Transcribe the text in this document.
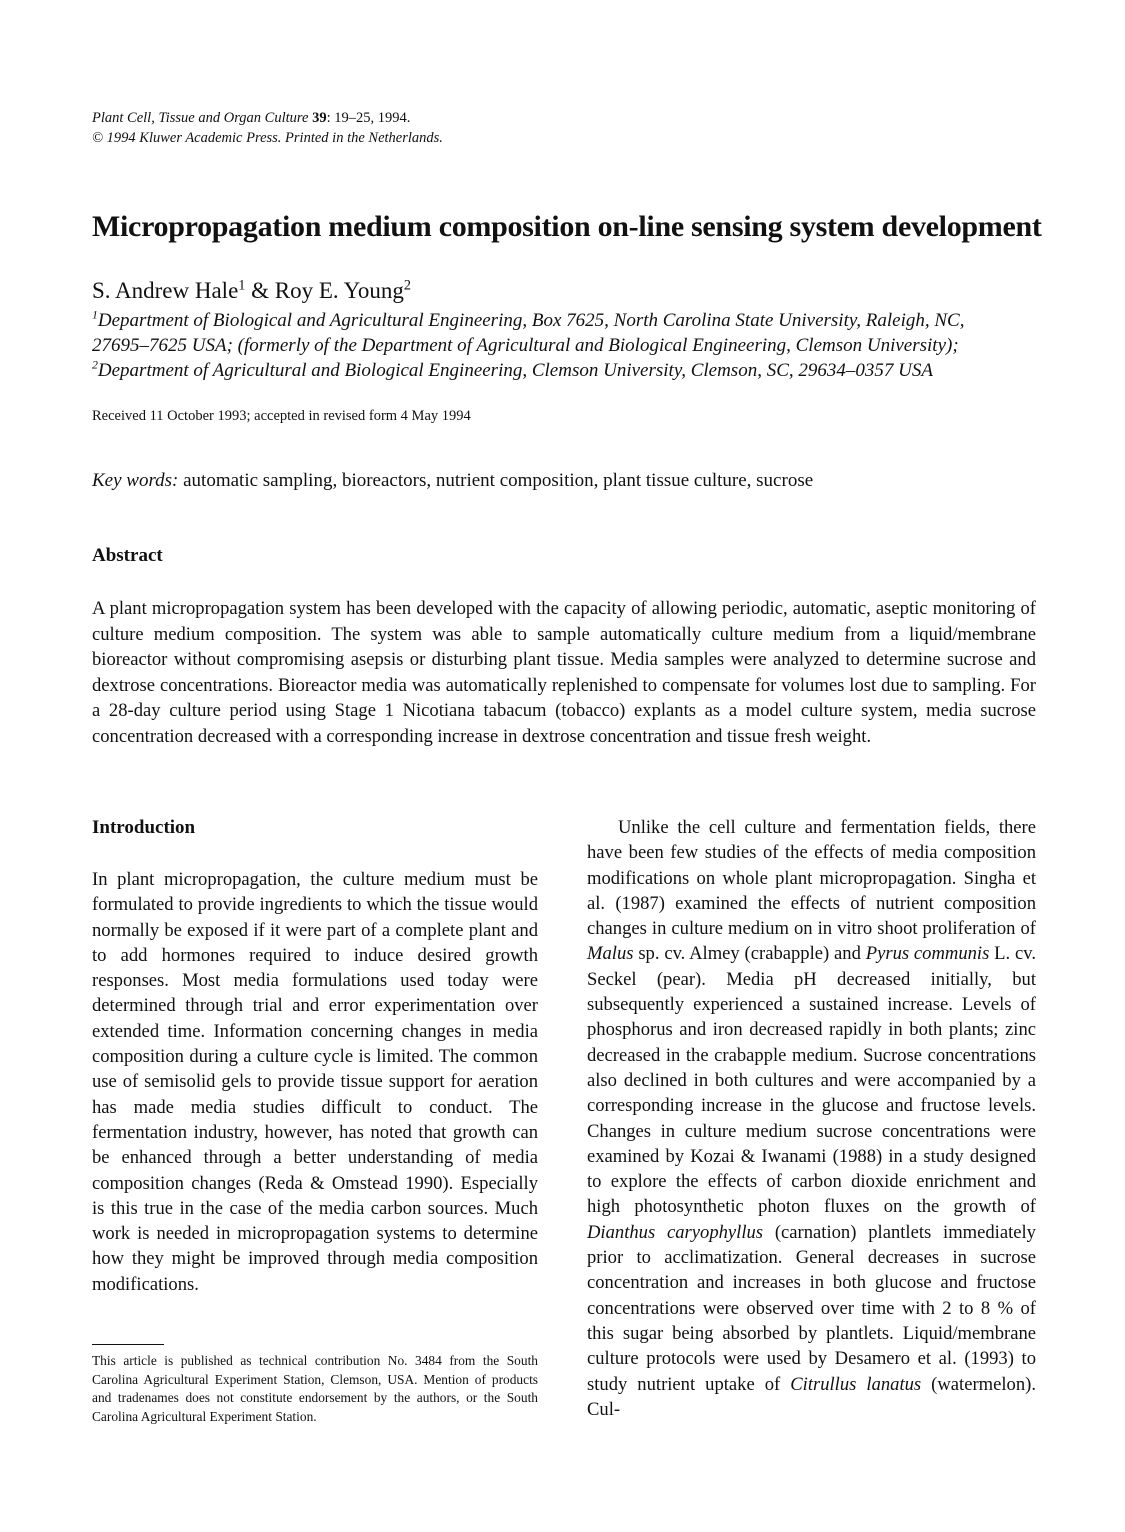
Plant Cell, Tissue and Organ Culture 39: 19–25, 1994.
© 1994 Kluwer Academic Press. Printed in the Netherlands.
Micropropagation medium composition on-line sensing system development
S. Andrew Hale$^1$ & Roy E. Young$^2$
$^1$Department of Biological and Agricultural Engineering, Box 7625, North Carolina State University, Raleigh, NC,
27695–7625 USA; (formerly of the Department of Agricultural and Biological Engineering, Clemson University);
$^2$Department of Agricultural and Biological Engineering, Clemson University, Clemson, SC, 29634–0357 USA
Received 11 October 1993; accepted in revised form 4 May 1994
Key words: automatic sampling, bioreactors, nutrient composition, plant tissue culture, sucrose
Abstract
A plant micropropagation system has been developed with the capacity of allowing periodic, automatic, aseptic monitoring of culture medium composition. The system was able to sample automatically culture medium from a liquid/membrane bioreactor without compromising asepsis or disturbing plant tissue. Media samples were analyzed to determine sucrose and dextrose concentrations. Bioreactor media was automatically replenished to compensate for volumes lost due to sampling. For a 28-day culture period using Stage 1 Nicotiana tabacum (tobacco) explants as a model culture system, media sucrose concentration decreased with a corresponding increase in dextrose concentration and tissue fresh weight.
Introduction

In plant micropropagation, the culture medium must be formulated to provide ingredients to which the tissue would normally be exposed if it were part of a complete plant and to add hormones required to induce desired growth responses. Most media formulations used today were determined through trial and error experimentation over extended time. Information concerning changes in media composition during a culture cycle is limited. The common use of semisolid gels to provide tissue support for aeration has made media studies difficult to conduct. The fermentation industry, however, has noted that growth can be enhanced through a better understanding of media composition changes (Reda & Omstead 1990). Especially is this true in the case of the media carbon sources. Much work is needed in micropropagation systems to determine how they might be improved through media composition modifications.

This article is published as technical contribution No. 3484 from the South Carolina Agricultural Experiment Station, Clemson, USA. Mention of products and tradenames does not constitute endorsement by the authors, or the South Carolina Agricultural Experiment Station.

Unlike the cell culture and fermentation fields, there have been few studies of the effects of media composition modifications on whole plant micropropagation. Singha et al. (1987) examined the effects of nutrient composition changes in culture medium on in vitro shoot proliferation of Malus sp. cv. Almey (crabapple) and Pyrus communis L. cv. Seckel (pear). Media pH decreased initially, but subsequently experienced a sustained increase. Levels of phosphorus and iron decreased rapidly in both plants; zinc decreased in the crabapple medium. Sucrose concentrations also declined in both cultures and were accompanied by a corresponding increase in the glucose and fructose levels. Changes in culture medium sucrose concentrations were examined by Kozai & Iwanami (1988) in a study designed to explore the effects of carbon dioxide enrichment and high photosynthetic photon fluxes on the growth of Dianthus caryophyllus (carnation) plantlets immediately prior to acclimatization. General decreases in sucrose concentration and increases in both glucose and fructose concentrations were observed over time with 2 to 8 % of this sugar being absorbed by plantlets. Liquid/membrane culture protocols were used by Desamero et al. (1993) to study nutrient uptake of Citrullus lanatus (watermelon). Cul-
